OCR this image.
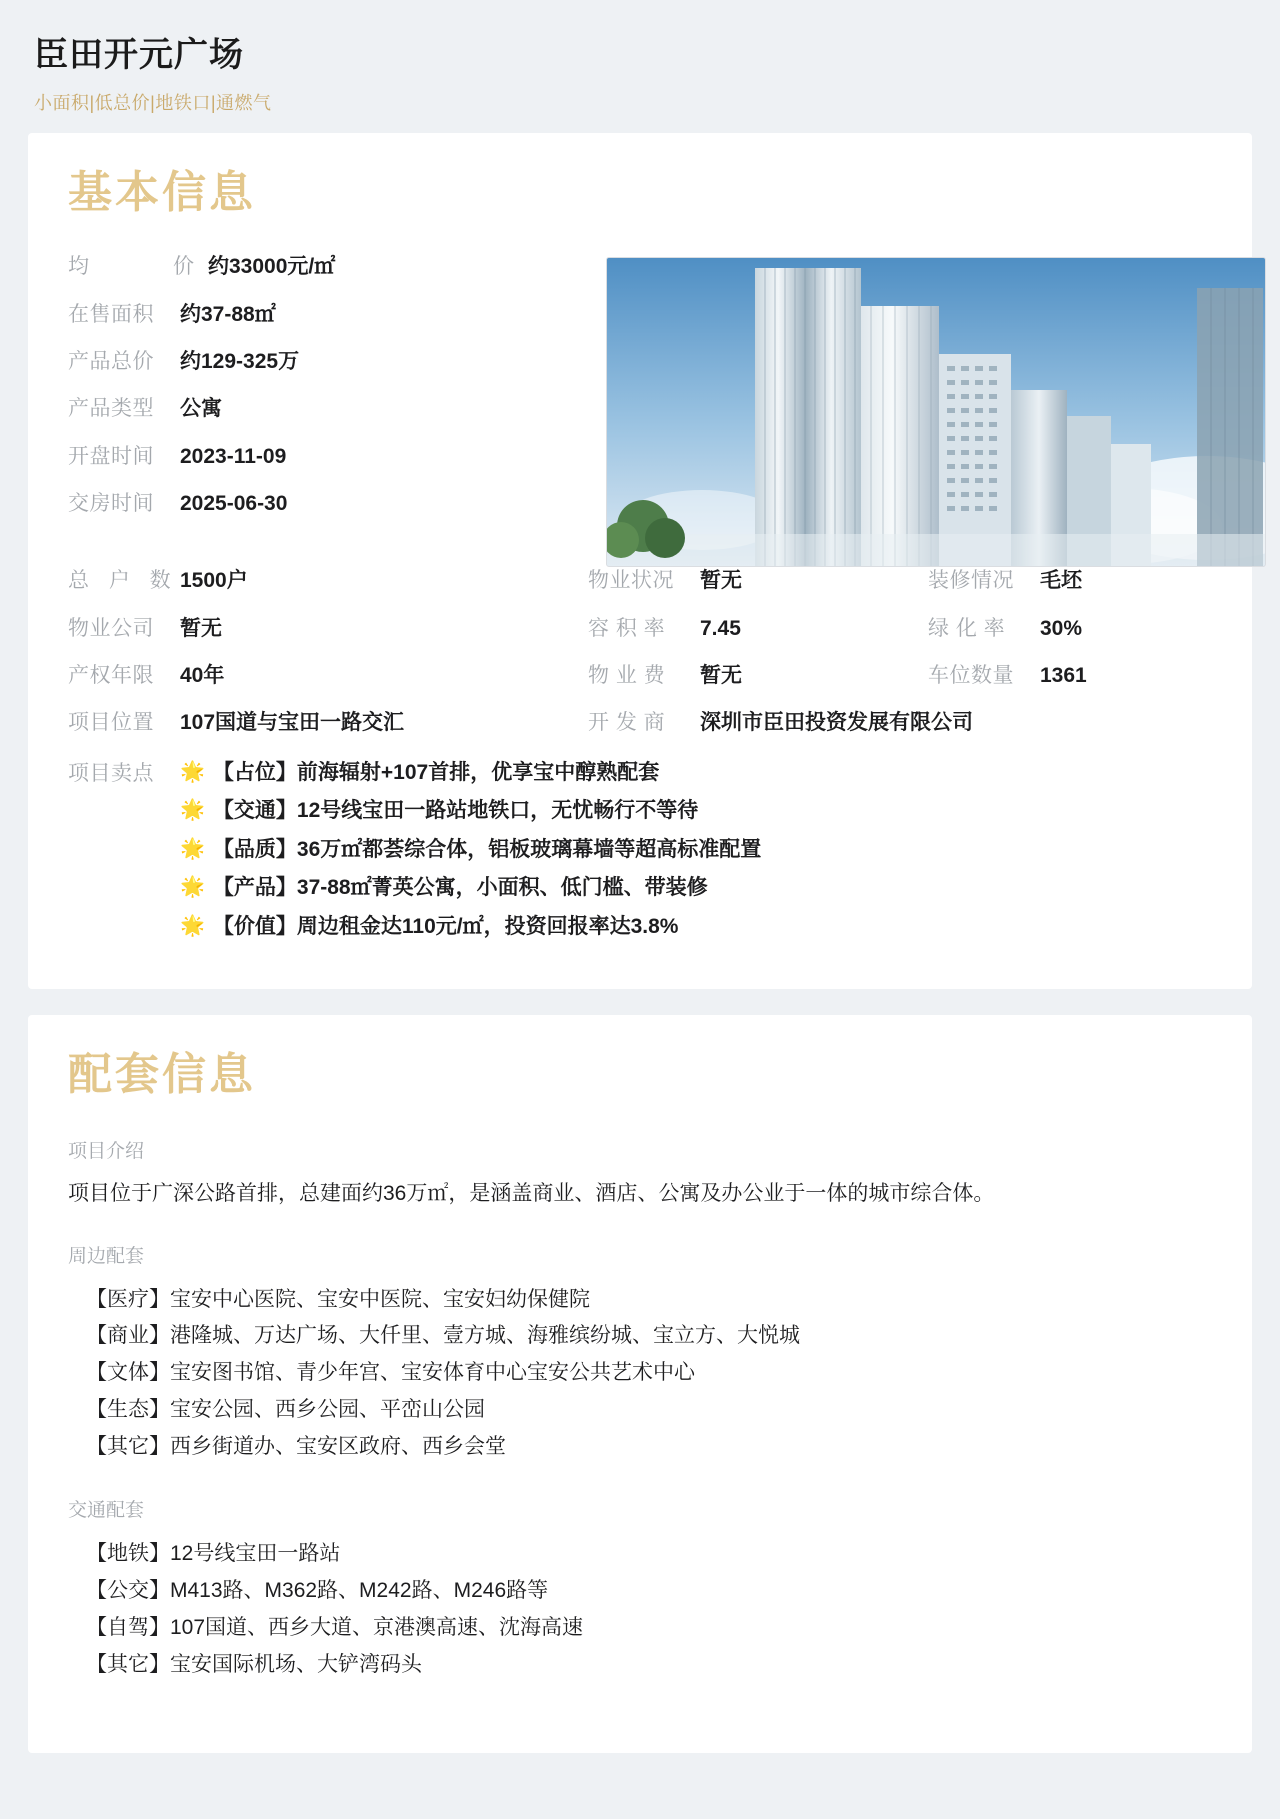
臣田开元广场
小面积|低总价|地铁口|通燃气
基本信息
均　　价 约33000元/㎡
在售面积	约37-88㎡
产品总价	约129-325万
产品类型	公寓
开盘时间	2023-11-09
交房时间	2025-06-30
总 户 数 1500户	物业状况	暂无	装修情况	毛坯
物业公司	暂无	容 积 率	7.45	绿 化 率	30%
产权年限	40年	物 业 费	暂无	车位数量	1361
项目位置	107国道与宝田一路交汇	开 发 商	深圳市臣田投资发展有限公司
项目卖点	🌟 【占位】前海辐射+107首排，优享宝中醇熟配套
🌟 【交通】12号线宝田一路站地铁口，无忧畅行不等待
🌟 【品质】36万㎡都荟综合体，铝板玻璃幕墙等超高标准配置
🌟 【产品】37-88㎡菁英公寓，小面积、低门槛、带装修
🌟 【价值】周边租金达110元/㎡，投资回报率达3.8%
配套信息
项目介绍

项目位于广深公路首排，总建面约36万㎡，是涵盖商业、酒店、公寓及办公业于一体的城市综合体。

周边配套
【医疗】宝安中心医院、宝安中医院、宝安妇幼保健院
【商业】港隆城、万达广场、大仟里、壹方城、海雅缤纷城、宝立方、大悦城
【文体】宝安图书馆、青少年宫、宝安体育中心宝安公共艺术中心
【生态】宝安公园、西乡公园、平峦山公园
【其它】西乡街道办、宝安区政府、西乡会堂
交通配套
【地铁】12号线宝田一路站
【公交】M413路、M362路、M242路、M246路等
【自驾】107国道、西乡大道、京港澳高速、沈海高速
【其它】宝安国际机场、大铲湾码头
